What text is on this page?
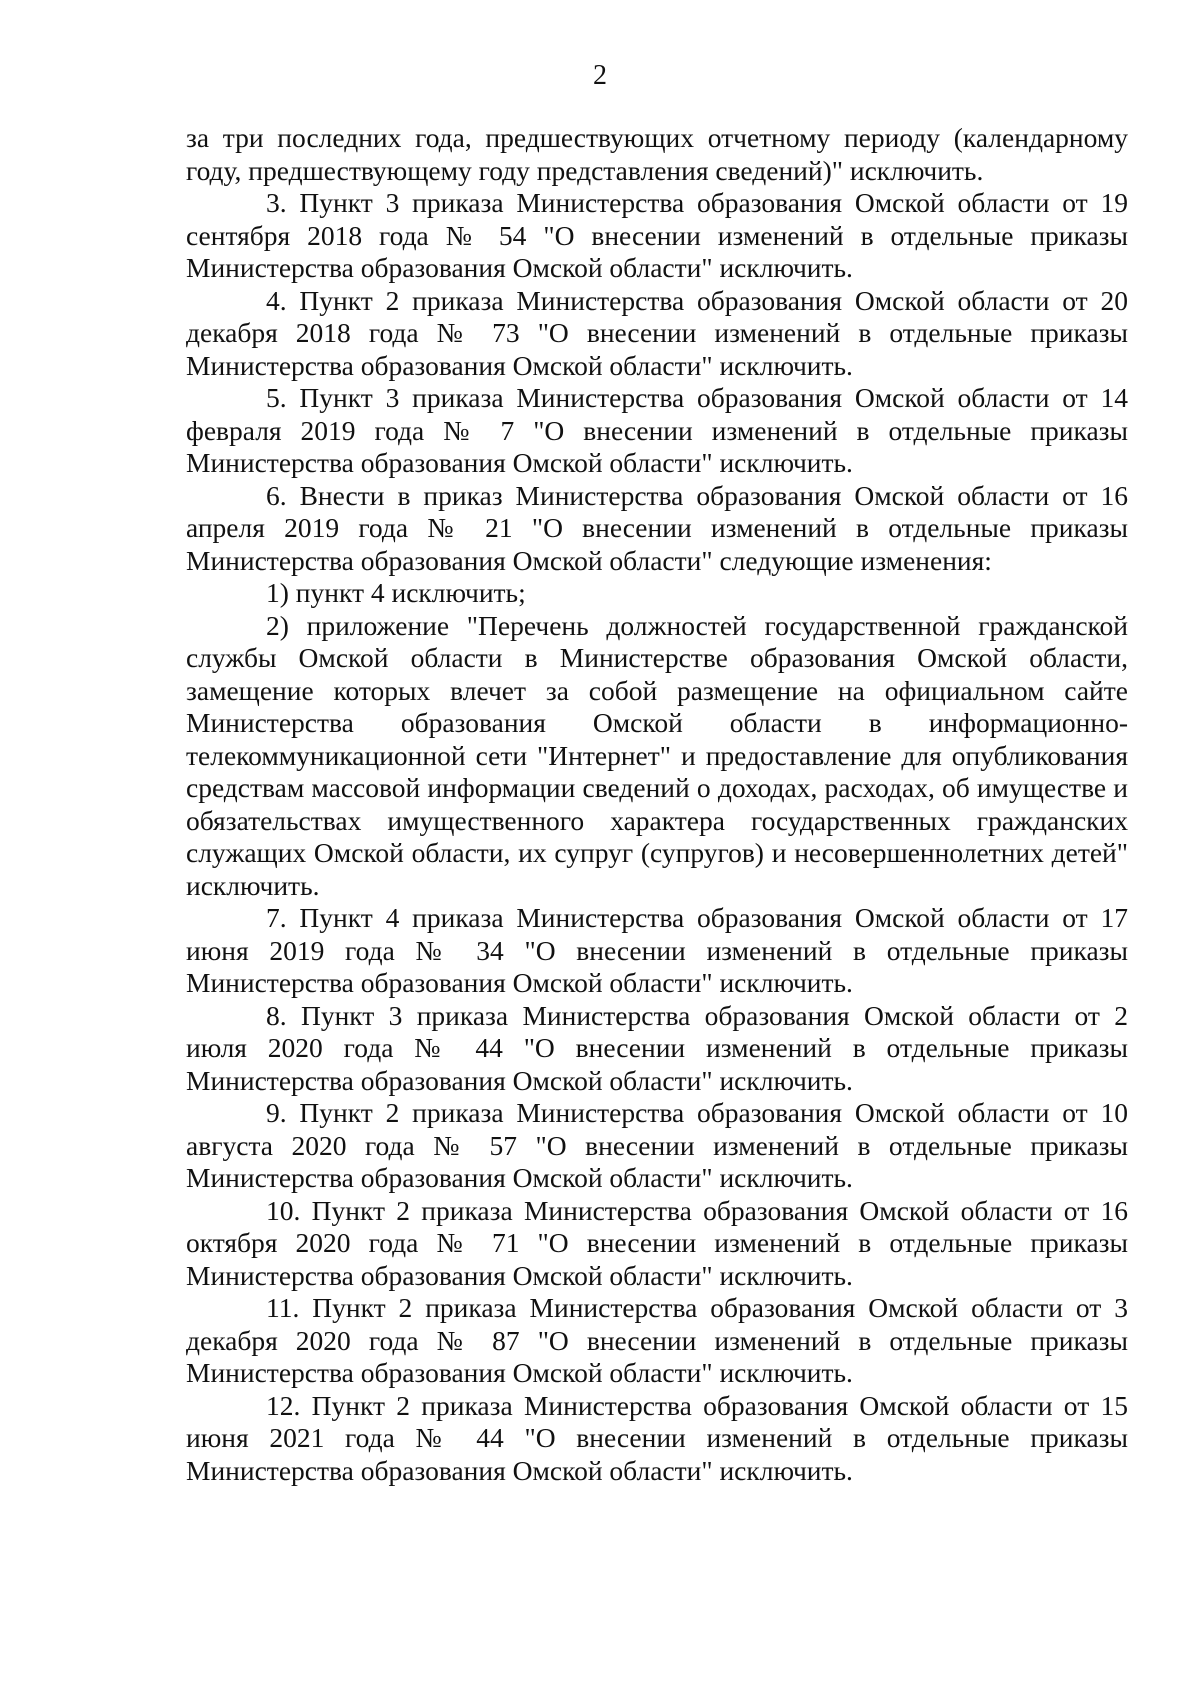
2

за три последних года, предшествующих отчетному периоду (календарному году, предшествующему году представления сведений)" исключить.

3. Пункт 3 приказа Министерства образования Омской области от 19 сентября 2018 года № 54 "О внесении изменений в отдельные приказы Министерства образования Омской области" исключить.

4. Пункт 2 приказа Министерства образования Омской области от 20 декабря 2018 года № 73 "О внесении изменений в отдельные приказы Министерства образования Омской области" исключить.

5. Пункт 3 приказа Министерства образования Омской области от 14 февраля 2019 года № 7 "О внесении изменений в отдельные приказы Министерства образования Омской области" исключить.

6. Внести в приказ Министерства образования Омской области от 16 апреля 2019 года № 21 "О внесении изменений в отдельные приказы Министерства образования Омской области" следующие изменения:

1) пункт 4 исключить;

2) приложение "Перечень должностей государственной гражданской службы Омской области в Министерстве образования Омской области, замещение которых влечет за собой размещение на официальном сайте Министерства образования Омской области в информационно-телекоммуникационной сети "Интернет" и предоставление для опубликования средствам массовой информации сведений о доходах, расходах, об имуществе и обязательствах имущественного характера государственных гражданских служащих Омской области, их супруг (супругов) и несовершеннолетних детей" исключить.

7. Пункт 4 приказа Министерства образования Омской области от 17 июня 2019 года № 34 "О внесении изменений в отдельные приказы Министерства образования Омской области" исключить.

8. Пункт 3 приказа Министерства образования Омской области от 2 июля 2020 года № 44 "О внесении изменений в отдельные приказы Министерства образования Омской области" исключить.

9. Пункт 2 приказа Министерства образования Омской области от 10 августа 2020 года № 57 "О внесении изменений в отдельные приказы Министерства образования Омской области" исключить.

10. Пункт 2 приказа Министерства образования Омской области от 16 октября 2020 года № 71 "О внесении изменений в отдельные приказы Министерства образования Омской области" исключить.

11. Пункт 2 приказа Министерства образования Омской области от 3 декабря 2020 года № 87 "О внесении изменений в отдельные приказы Министерства образования Омской области" исключить.

12. Пункт 2 приказа Министерства образования Омской области от 15 июня 2021 года № 44 "О внесении изменений в отдельные приказы Министерства образования Омской области" исключить.
